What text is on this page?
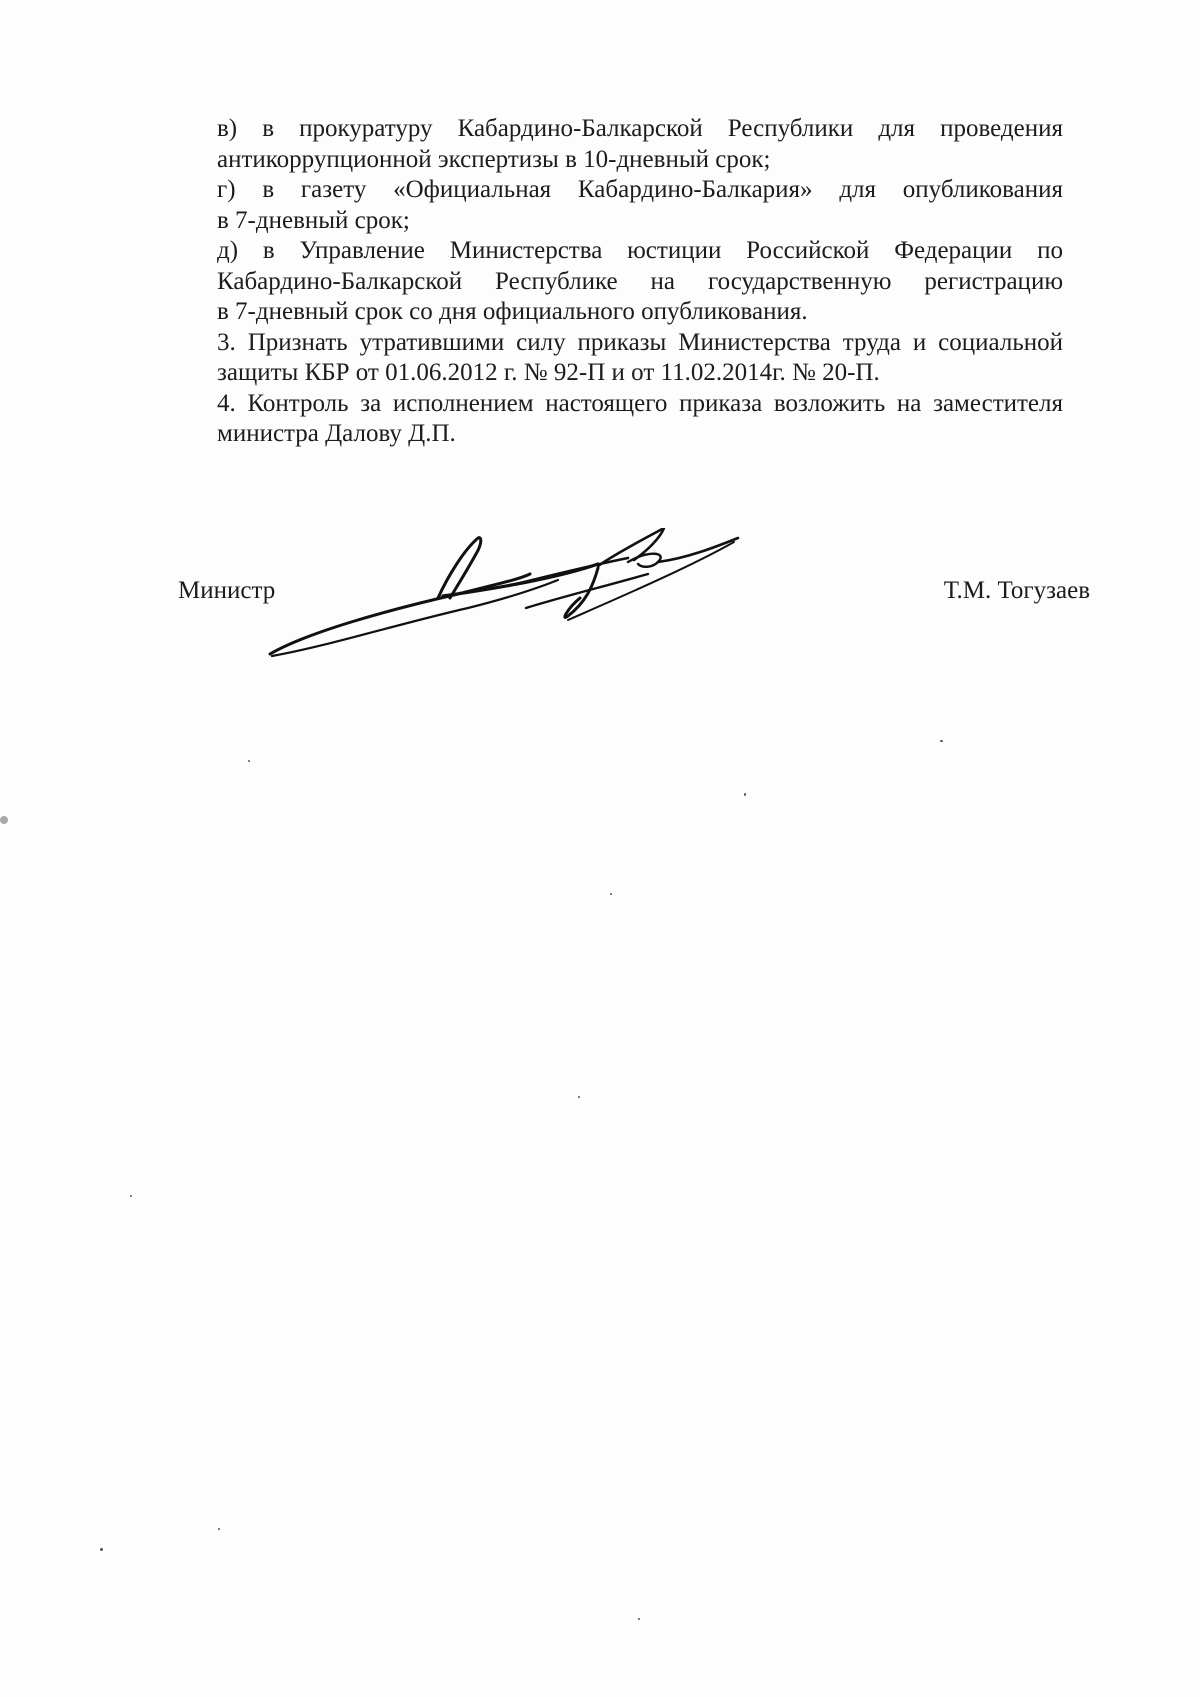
в) в прокуратуру Кабардино-Балкарской Республики для проведения
антикоррупционной экспертизы в 10-дневный срок;

г) в газету «Официальная Кабардино-Балкария» для опубликования
в 7-дневный срок;

д) в Управление Министерства юстиции Российской Федерации по
Кабардино-Балкарской Республике на государственную регистрацию
в 7-дневный срок со дня официального опубликования.

3. Признать утратившими силу приказы Министерства труда и социальной
защиты КБР от 01.06.2012 г. № 92-П и от 11.02.2014г. № 20-П.

4. Контроль за исполнением настоящего приказа возложить на заместителя
министра Далову Д.П.

Министр	Т.М. Тогузаев
